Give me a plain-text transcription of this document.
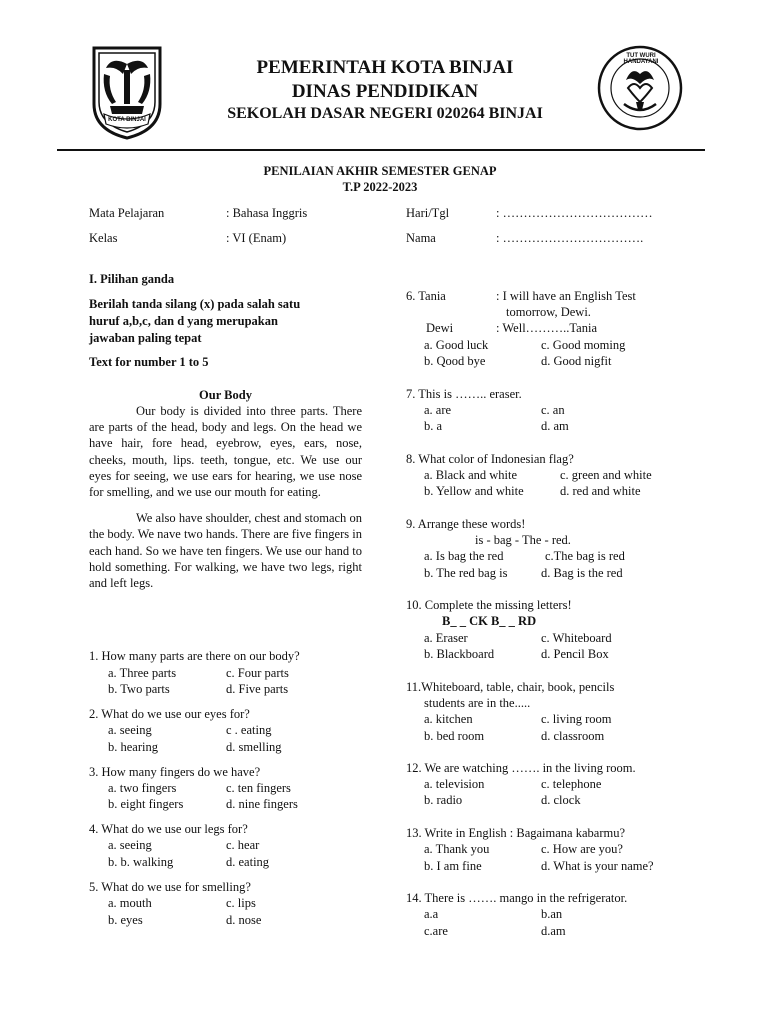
KOTA BINJAI
TUT WURI HANDAYANI
PEMERINTAH KOTA BINJAI
DINAS PENDIDIKAN
SEKOLAH DASAR NEGERI 020264 BINJAI
PENILAIAN AKHIR SEMESTER GENAP
T.P 2022-2023
Mata Pelajaran	: Bahasa Inggris	Hari/Tgl	: ………………………………
Kelas	: VI (Enam)	Nama	: …………………………….
I. Pilihan ganda
Berilah tanda silang (x) pada salah satu
huruf a,b,c, dan d yang merupakan
jawaban paling tepat
Text for number 1 to 5
Our Body

Our body is divided into three parts. There are parts of the head, body and legs. On the head we have hair, fore head, eyebrow, eyes, ears, nose, cheeks, mouth, lips. teeth, tongue, etc. We use our eyes for seeing, we use ears for hearing, we use nose for smelling, and we use our mouth for eating.

We also have shoulder, chest and stomach on the body. We nave two hands. There are five fingers in each hand. So we have ten fingers. We use our hand to hold something. For walking, we have two legs, right and left legs.

1. How many parts are there on our body?
a. Three parts	c. Four parts
b. Two parts	d. Five parts
2. What do we use our eyes for?
a. seeing	c . eating
b. hearing	d. smelling
3. How many fingers do we have?
a. two fingers	c. ten fingers
b. eight fingers	d. nine fingers
4. What do we use our legs for?
a. seeing	c. hear
b. b. walking	d. eating
5. What do we use for smelling?
a. mouth	c. lips
b. eyes	d. nose
6. Tania	: I will have an English Test
tomorrow, Dewi.
Dewi	: Well………..Tania
a. Good luck	c. Good moming
b. Qood bye	d. Good nigfit
7. This is …….. eraser.
a. are	c. an
b. a	d. am
8. What color of Indonesian flag?
a. Black and white	c. green and white
b. Yellow and white	d. red and white
9. Arrange these words!
is - bag - The - red.
a. Is bag the red	c.The bag is red
b. The red bag is	d. Bag is the red
10. Complete the missing letters!
B_ _ CK B_ _ RD
a. Eraser	c. Whiteboard
b. Blackboard	d. Pencil Box
11.Whiteboard, table, chair, book, pencils
students are in the.....
a. kitchen	c. living room
b. bed room	d. classroom
12. We are watching ……. in the living room.
a. television	c. telephone
b. radio	d. clock
13. Write in English : Bagaimana kabarmu?
a. Thank you	c. How are you?
b. I am fine	d. What is your name?
14. There is ……. mango in the refrigerator.
a.a	b.an
c.are	d.am
